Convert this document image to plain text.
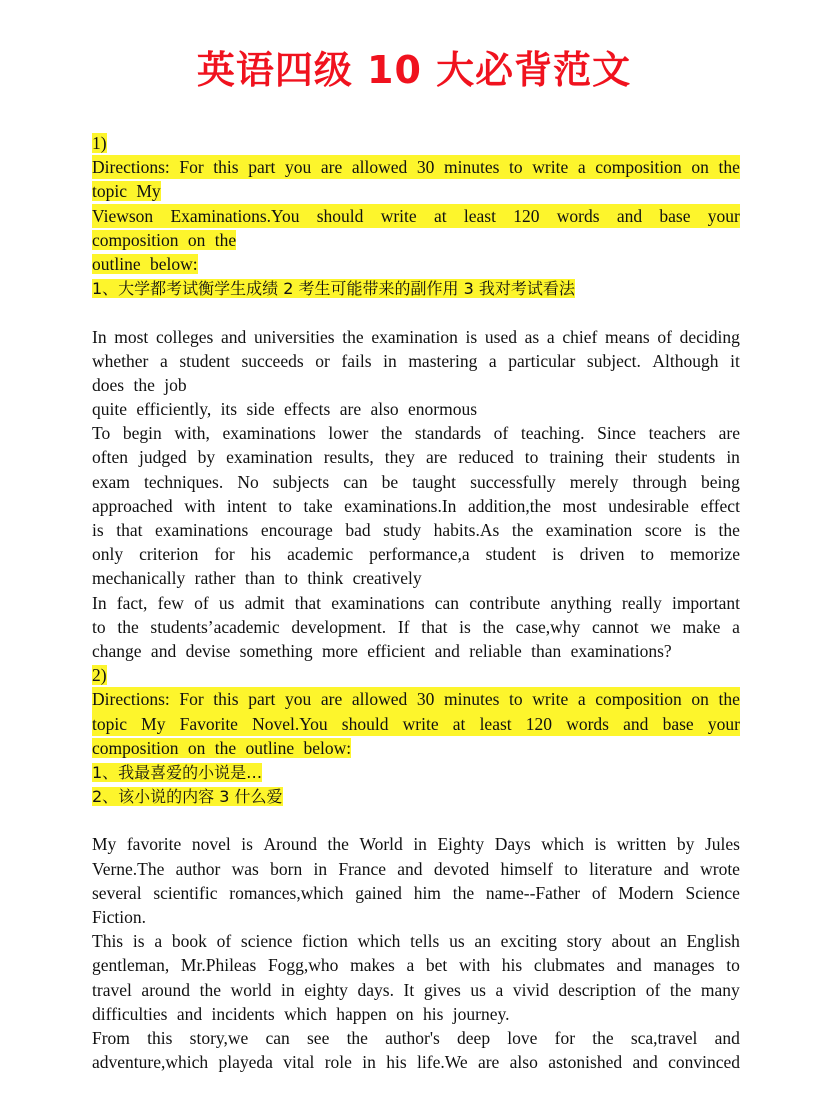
英语四级 10 大必背范文
1)
Directions: For this part you are allowed 30 minutes to write a composition on the
topic My
Viewson Examinations.You should write at least 120 words and base your
composition on the
outline below:
1、大学都考试衡学生成绩 2 考生可能带来的副作用 3 我对考试看法
In most colleges and universities the examination is used as a chief means of deciding
whether a student succeeds or fails in mastering a particular subject. Although it
does the job
quite efficiently, its side effects are also enormous
To begin with, examinations lower the standards of teaching. Since teachers are
often judged by examination results, they are reduced to training their students in
exam techniques. No subjects can be taught successfully merely through being
approached with intent to take examinations.In addition,the most undesirable effect
is that examinations encourage bad study habits.As the examination score is the
only criterion for his academic performance,a student is driven to memorize
mechanically rather than to think creatively
In fact, few of us admit that examinations can contribute anything really important
to the students’academic development. If that is the case,why cannot we make a
change and devise something more efficient and reliable than examinations?
2)
Directions: For this part you are allowed 30 minutes to write a composition on the
topic My Favorite Novel.You should write at least 120 words and base your
composition on the outline below:
1、我最喜爱的小说是…
2、该小说的内容 3 什么爱
My favorite novel is Around the World in Eighty Days which is written by Jules
Verne.The author was born in France and devoted himself to literature and wrote
several scientific romances,which gained him the name--Father of Modern Science
Fiction.
This is a book of science fiction which tells us an exciting story about an English
gentleman, Mr.Phileas Fogg,who makes a bet with his clubmates and manages to
travel around the world in eighty days. It gives us a vivid description of the many
difficulties and incidents which happen on his journey.
From this story,we can see the author's deep love for the sca,travel and
adventure,which playeda vital role in his life.We are also astonished and convinced
